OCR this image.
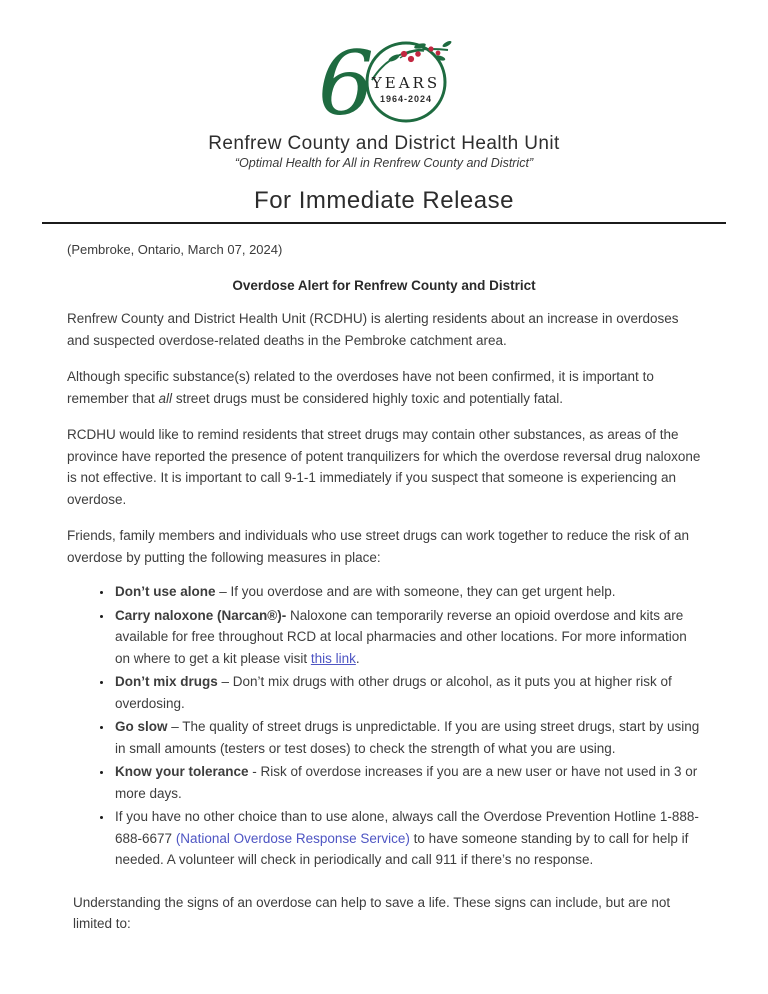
6
YEARS
1964-2024
Renfrew County and District Health Unit

“Optimal Health for All in Renfrew County and District”

For Immediate Release

(Pembroke, Ontario, March 07, 2024)

Overdose Alert for Renfrew County and District

Renfrew County and District Health Unit (RCDHU) is alerting residents about an increase in overdoses and suspected overdose-related deaths in the Pembroke catchment area.

Although specific substance(s) related to the overdoses have not been confirmed, it is important to remember that all street drugs must be considered highly toxic and potentially fatal.

RCDHU would like to remind residents that street drugs may contain other substances, as areas of the province have reported the presence of potent tranquilizers for which the overdose reversal drug naloxone is not effective. It is important to call 9-1-1 immediately if you suspect that someone is experiencing an overdose.

Friends, family members and individuals who use street drugs can work together to reduce the risk of an overdose by putting the following measures in place:

• Don’t use alone – If you overdose and are with someone, they can get urgent help.
• Carry naloxone (Narcan®)- Naloxone can temporarily reverse an opioid overdose and kits are available for free throughout RCD at local pharmacies and other locations. For more information on where to get a kit please visit this link.
• Don’t mix drugs – Don’t mix drugs with other drugs or alcohol, as it puts you at higher risk of overdosing.
• Go slow – The quality of street drugs is unpredictable. If you are using street drugs, start by using in small amounts (testers or test doses) to check the strength of what you are using.
• Know your tolerance - Risk of overdose increases if you are a new user or have not used in 3 or more days.
• If you have no other choice than to use alone, always call the Overdose Prevention Hotline 1-888-688-6677 (National Overdose Response Service) to have someone standing by to call for help if needed. A volunteer will check in periodically and call 911 if there’s no response.

Understanding the signs of an overdose can help to save a life. These signs can include, but are not limited to:
